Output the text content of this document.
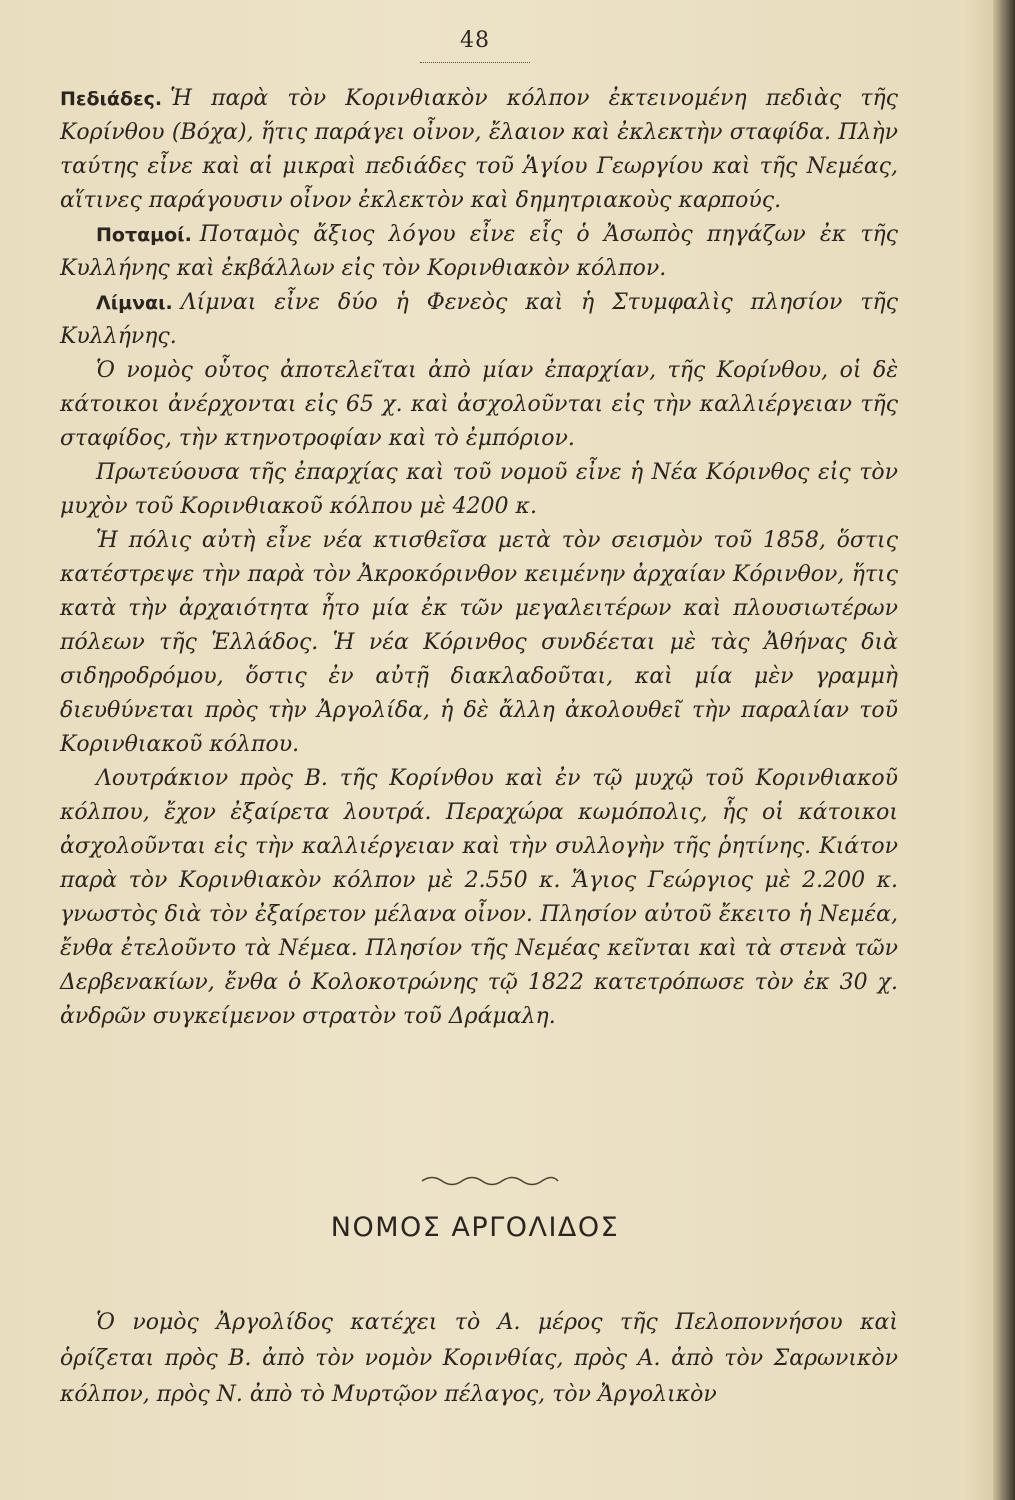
48

Πεδιάδες. Ἡ παρὰ τὸν Κορινθιακὸν κόλπον ἐκτεινομένη πεδιὰς τῆς Κορίνθου (Βόχα), ἥτις παράγει οἶνον, ἔλαιον καὶ ἐκλεκτὴν σταφίδα. Πλὴν ταύτης εἶνε καὶ αἱ μικραὶ πεδιάδες τοῦ Ἁγίου Γεωργίου καὶ τῆς Νεμέας, αἵτινες παράγουσιν οἶνον ἐκλεκτὸν καὶ δημητριακοὺς καρπούς.

Ποταμοί. Ποταμὸς ἄξιος λόγου εἶνε εἷς ὁ Ἀσωπὸς πηγάζων ἐκ τῆς Κυλλήνης καὶ ἐκβάλλων εἰς τὸν Κορινθιακὸν κόλπον.

Λίμναι. Λίμναι εἶνε δύο ἡ Φενεὸς καὶ ἡ Στυμφαλὶς πλησίον τῆς Κυλλήνης.

Ὁ νομὸς οὗτος ἀποτελεῖται ἀπὸ μίαν ἐπαρχίαν, τῆς Κορίνθου, οἱ δὲ κάτοικοι ἀνέρχονται εἰς 65 χ. καὶ ἀσχολοῦνται εἰς τὴν καλλιέργειαν τῆς σταφίδος, τὴν κτηνοτροφίαν καὶ τὸ ἐμπόριον.

Πρωτεύουσα τῆς ἐπαρχίας καὶ τοῦ νομοῦ εἶνε ἡ Νέα Κόρινθος εἰς τὸν μυχὸν τοῦ Κορινθιακοῦ κόλπου μὲ 4200 κ.

Ἡ πόλις αὐτὴ εἶνε νέα κτισθεῖσα μετὰ τὸν σεισμὸν τοῦ 1858, ὅστις κατέστρεψε τὴν παρὰ τὸν Ἀκροκόρινθον κειμένην ἀρχαίαν Κόρινθον, ἥτις κατὰ τὴν ἀρχαιότητα ἦτο μία ἐκ τῶν μεγαλειτέρων καὶ πλουσιωτέρων πόλεων τῆς Ἑλλάδος. Ἡ νέα Κόρινθος συνδέεται μὲ τὰς Ἀθήνας διὰ σιδηροδρόμου, ὅστις ἐν αὐτῇ διακλαδοῦται, καὶ μία μὲν γραμμὴ διευθύνεται πρὸς τὴν Ἀργολίδα, ἡ δὲ ἄλλη ἀκολουθεῖ τὴν παραλίαν τοῦ Κορινθιακοῦ κόλπου.

Λουτράκιον πρὸς Β. τῆς Κορίνθου καὶ ἐν τῷ μυχῷ τοῦ Κορινθιακοῦ κόλπου, ἔχον ἐξαίρετα λουτρά. Περαχώρα κωμόπολις, ἧς οἱ κάτοικοι ἀσχολοῦνται εἰς τὴν καλλιέργειαν καὶ τὴν συλλογὴν τῆς ῥητίνης. Κιάτον παρὰ τὸν Κορινθιακὸν κόλπον μὲ 2.550 κ. Ἅγιος Γεώργιος μὲ 2.200 κ. γνωστὸς διὰ τὸν ἐξαίρετον μέλανα οἶνον. Πλησίον αὐτοῦ ἔκειτο ἡ Νεμέα, ἔνθα ἐτελοῦντο τὰ Νέμεα. Πλησίον τῆς Νεμέας κεῖνται καὶ τὰ στενὰ τῶν Δερβενακίων, ἔνθα ὁ Κολοκοτρώνης τῷ 1822 κατετρόπωσε τὸν ἐκ 30 χ. ἀνδρῶν συγκείμενον στρατὸν τοῦ Δράμαλη.

ΝΟΜΟΣ ΑΡΓΟΛΙΔΟΣ

Ὁ νομὸς Ἀργολίδος κατέχει τὸ Α. μέρος τῆς Πελοποννήσου καὶ ὁρίζεται πρὸς Β. ἀπὸ τὸν νομὸν Κορινθίας, πρὸς Α. ἀπὸ τὸν Σαρωνικὸν κόλπον, πρὸς Ν. ἀπὸ τὸ Μυρτῷον πέλαγος, τὸν Ἀργολικὸν
